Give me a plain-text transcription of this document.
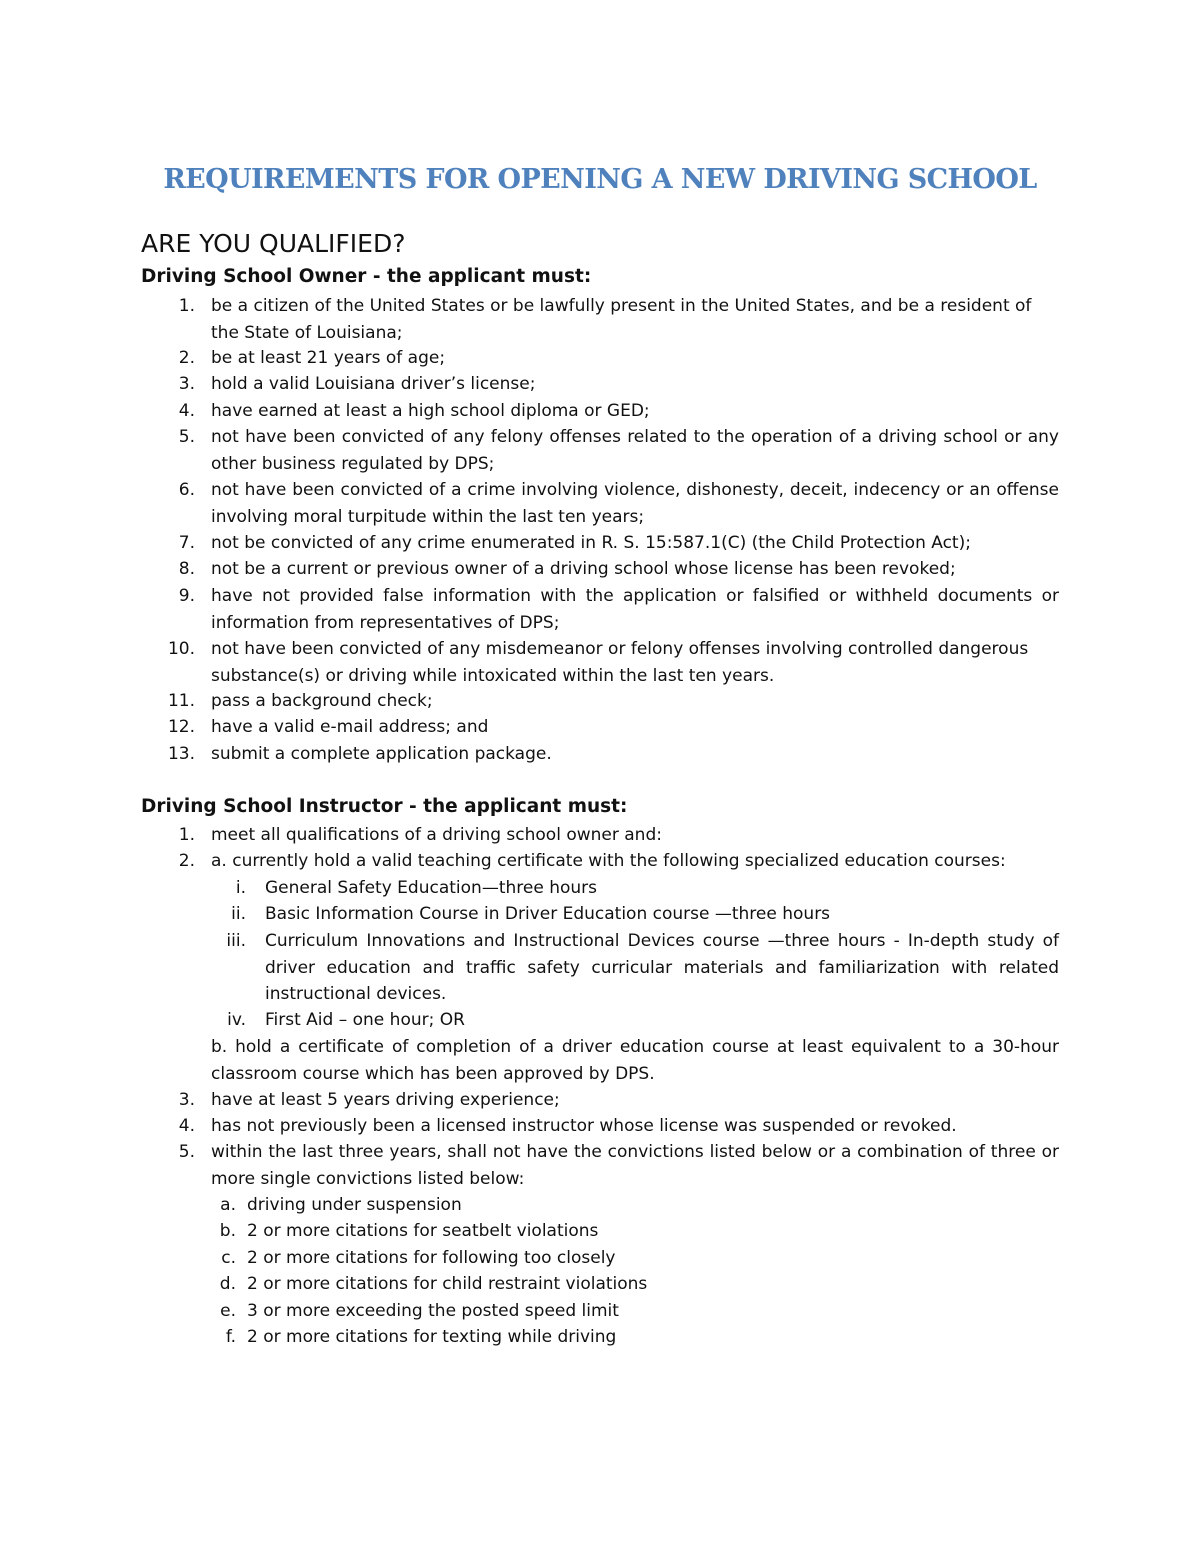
REQUIREMENTS FOR OPENING A NEW DRIVING SCHOOL
ARE YOU QUALIFIED?
Driving School Owner - the applicant must:
1. be a citizen of the United States or be lawfully present in the United States, and be a resident of the State of Louisiana;
2. be at least 21 years of age;
3. hold a valid Louisiana driver’s license;
4. have earned at least a high school diploma or GED;
5. not have been convicted of any felony offenses related to the operation of a driving school or any other business regulated by DPS;
6. not have been convicted of a crime involving violence, dishonesty, deceit, indecency or an offense involving moral turpitude within the last ten years;
7. not be convicted of any crime enumerated in R. S. 15:587.1(C) (the Child Protection Act);
8. not be a current or previous owner of a driving school whose license has been revoked;
9. have not provided false information with the application or falsified or withheld documents or information from representatives of DPS;
10. not have been convicted of any misdemeanor or felony offenses involving controlled dangerous substance(s) or driving while intoxicated within the last ten years.
11. pass a background check;
12. have a valid e-mail address; and
13. submit a complete application package.
Driving School Instructor - the applicant must:
1. meet all qualifications of a driving school owner and:
2. a. currently hold a valid teaching certificate with the following specialized education courses:
i. General Safety Education—three hours
ii. Basic Information Course in Driver Education course —three hours
iii. Curriculum Innovations and Instructional Devices course —three hours - In-depth study of driver education and traffic safety curricular materials and familiarization with related instructional devices.
iv. First Aid – one hour; OR
b. hold a certificate of completion of a driver education course at least equivalent to a 30-hour classroom course which has been approved by DPS.
3. have at least 5 years driving experience;
4. has not previously been a licensed instructor whose license was suspended or revoked.
5. within the last three years, shall not have the convictions listed below or a combination of three or more single convictions listed below:
a. driving under suspension
b. 2 or more citations for seatbelt violations
c. 2 or more citations for following too closely
d. 2 or more citations for child restraint violations
e. 3 or more exceeding the posted speed limit
f. 2 or more citations for texting while driving
